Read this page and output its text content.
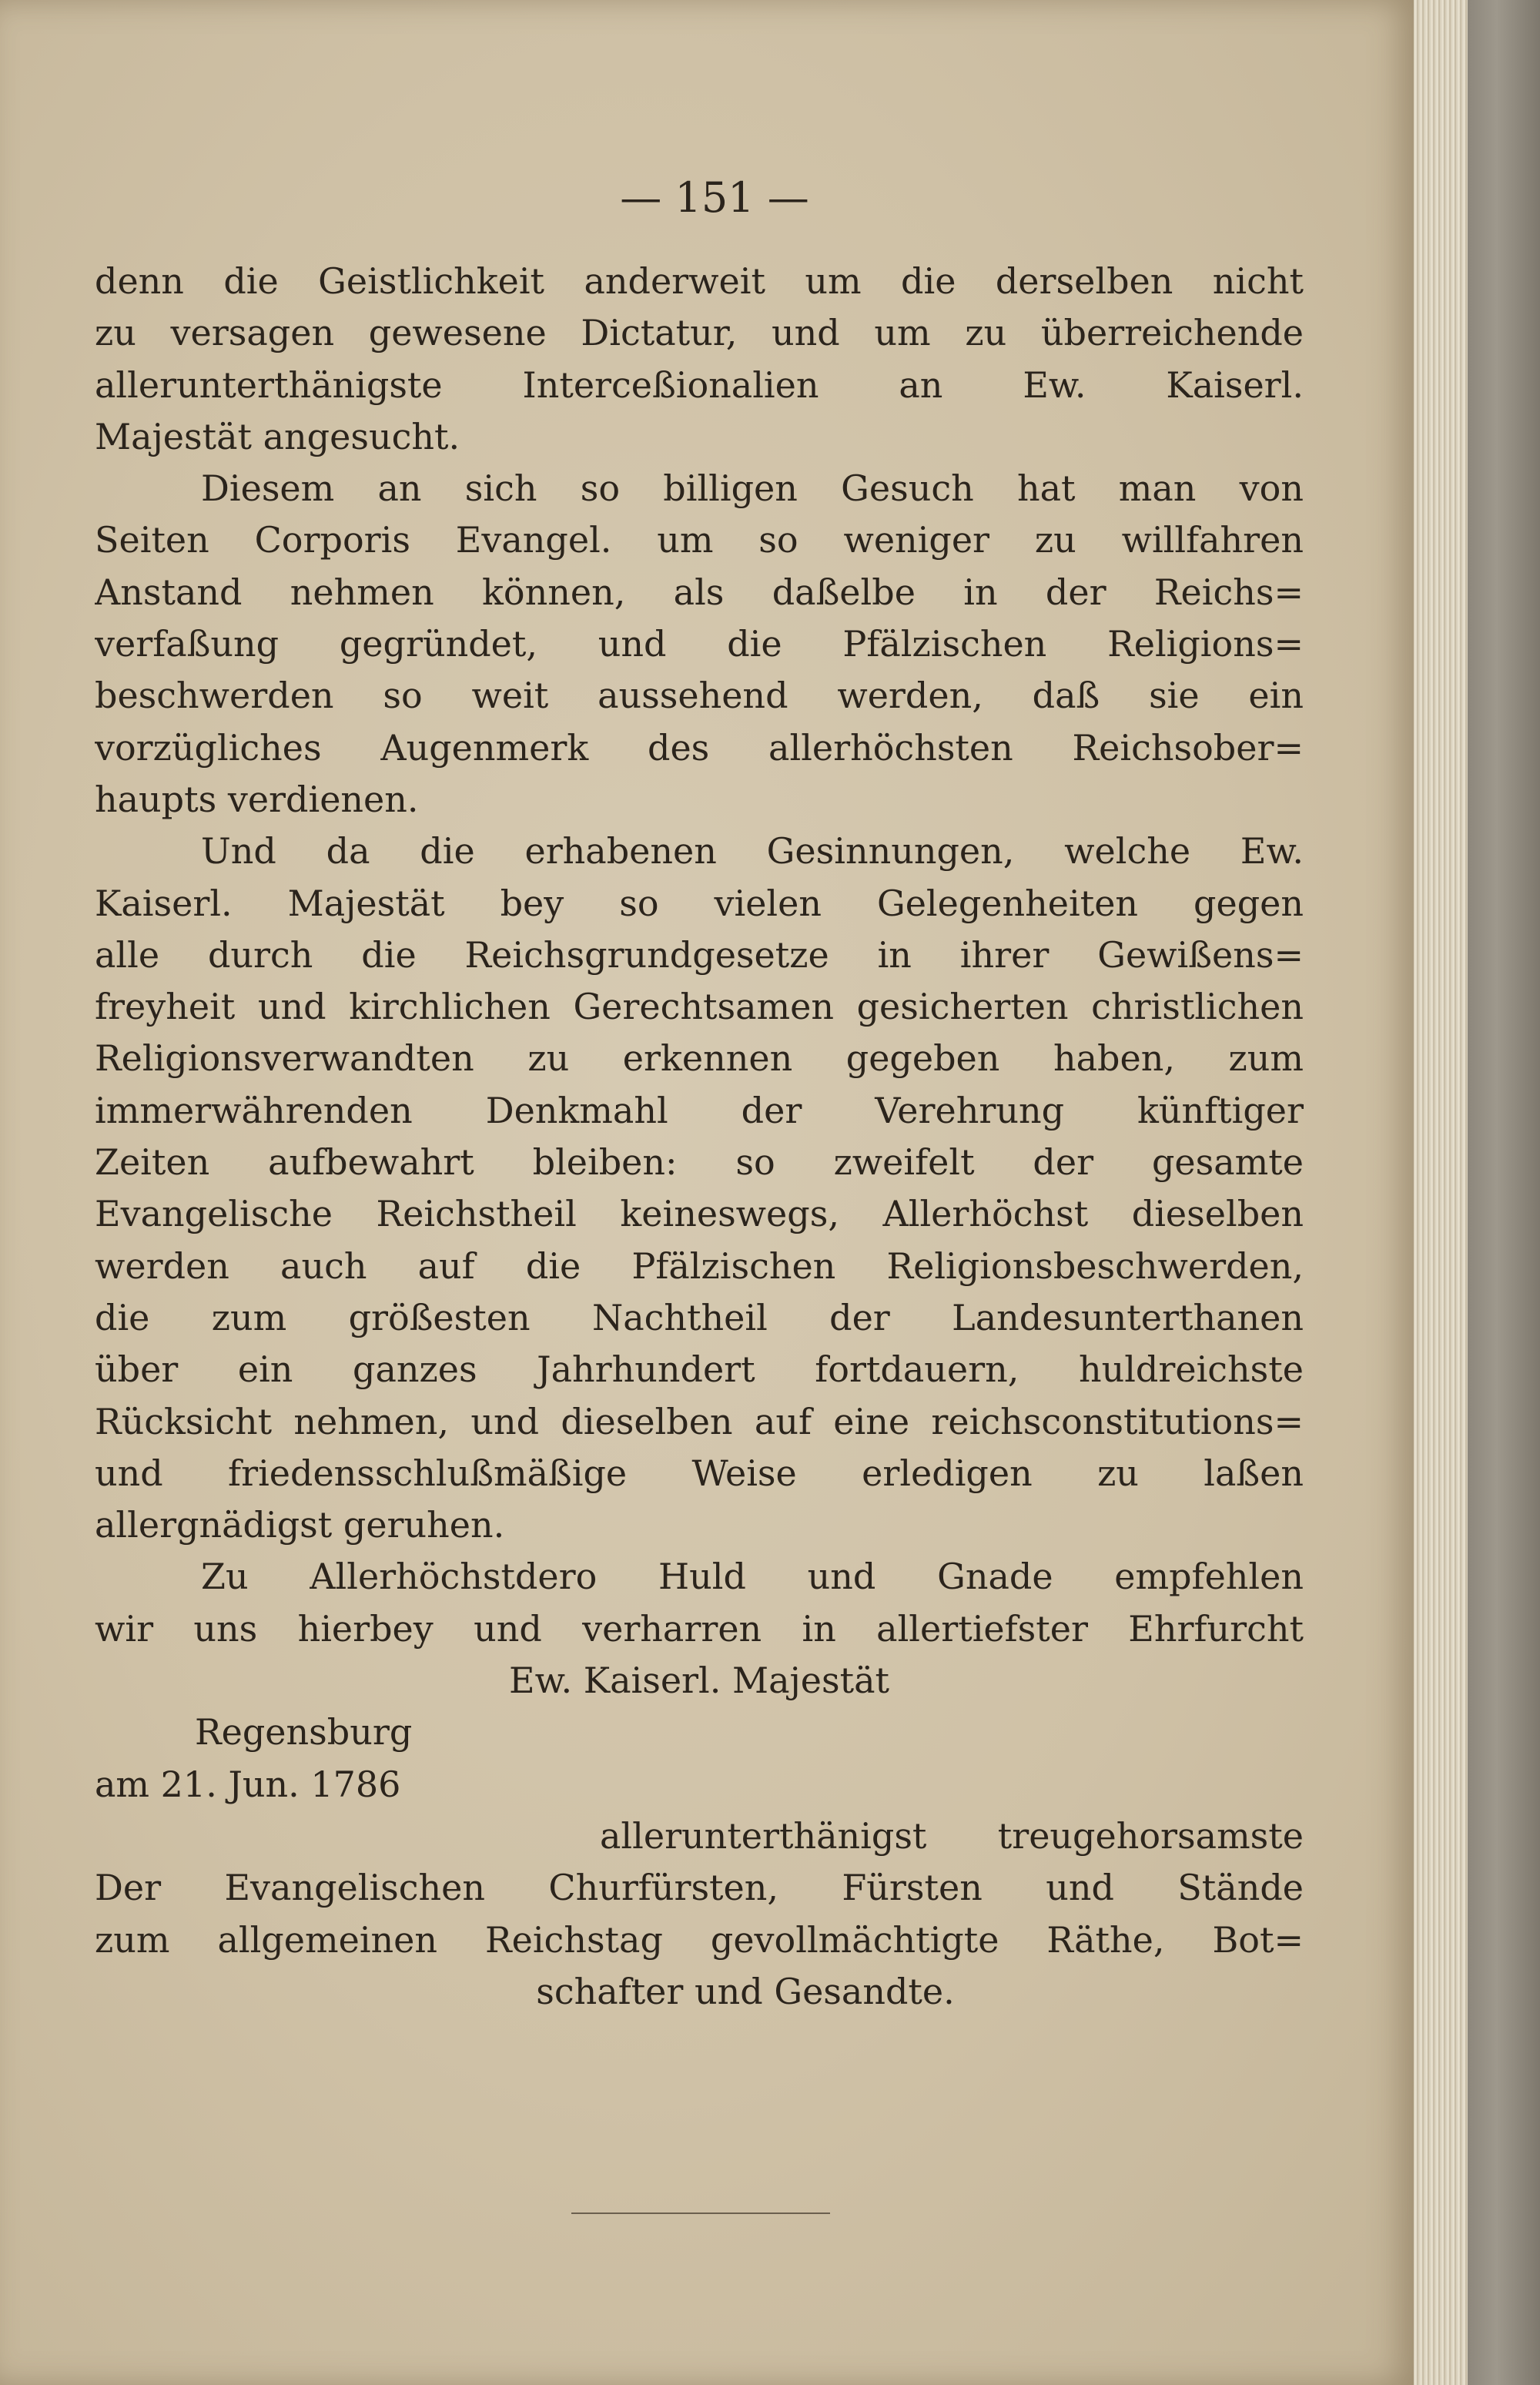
— 151 —
denn die Geistlichkeit anderweit um die derselben nicht
zu versagen gewesene Dictatur, und um zu überreichende
allerunterthänigste Interceßionalien an Ew. Kaiserl.
Majestät angesucht.
Diesem an sich so billigen Gesuch hat man von
Seiten Corporis Evangel. um so weniger zu willfahren
Anstand nehmen können, als daßelbe in der Reichs=
verfaßung gegründet, und die Pfälzischen Religions=
beschwerden so weit aussehend werden, daß sie ein
vorzügliches Augenmerk des allerhöchsten Reichsober=
haupts verdienen.
Und da die erhabenen Gesinnungen, welche Ew.
Kaiserl. Majestät bey so vielen Gelegenheiten gegen
alle durch die Reichsgrundgesetze in ihrer Gewißens=
freyheit und kirchlichen Gerechtsamen gesicherten christlichen
Religionsverwandten zu erkennen gegeben haben, zum
immerwährenden Denkmahl der Verehrung künftiger
Zeiten aufbewahrt bleiben: so zweifelt der gesamte
Evangelische Reichstheil keineswegs, Allerhöchst dieselben
werden auch auf die Pfälzischen Religionsbeschwerden,
die zum größesten Nachtheil der Landesunterthanen
über ein ganzes Jahrhundert fortdauern, huldreichste
Rücksicht nehmen, und dieselben auf eine reichsconstitutions=
und friedensschlußmäßige Weise erledigen zu laßen
allergnädigst geruhen.
Zu Allerhöchstdero Huld und Gnade empfehlen
wir uns hierbey und verharren in allertiefster Ehrfurcht
Ew. Kaiserl. Majestät
Regensburg
am 21. Jun. 1786
allerunterthänigst treugehorsamste
Der Evangelischen Churfürsten, Fürsten und Stände
zum allgemeinen Reichstag gevollmächtigte Räthe, Bot=
schafter und Gesandte.
